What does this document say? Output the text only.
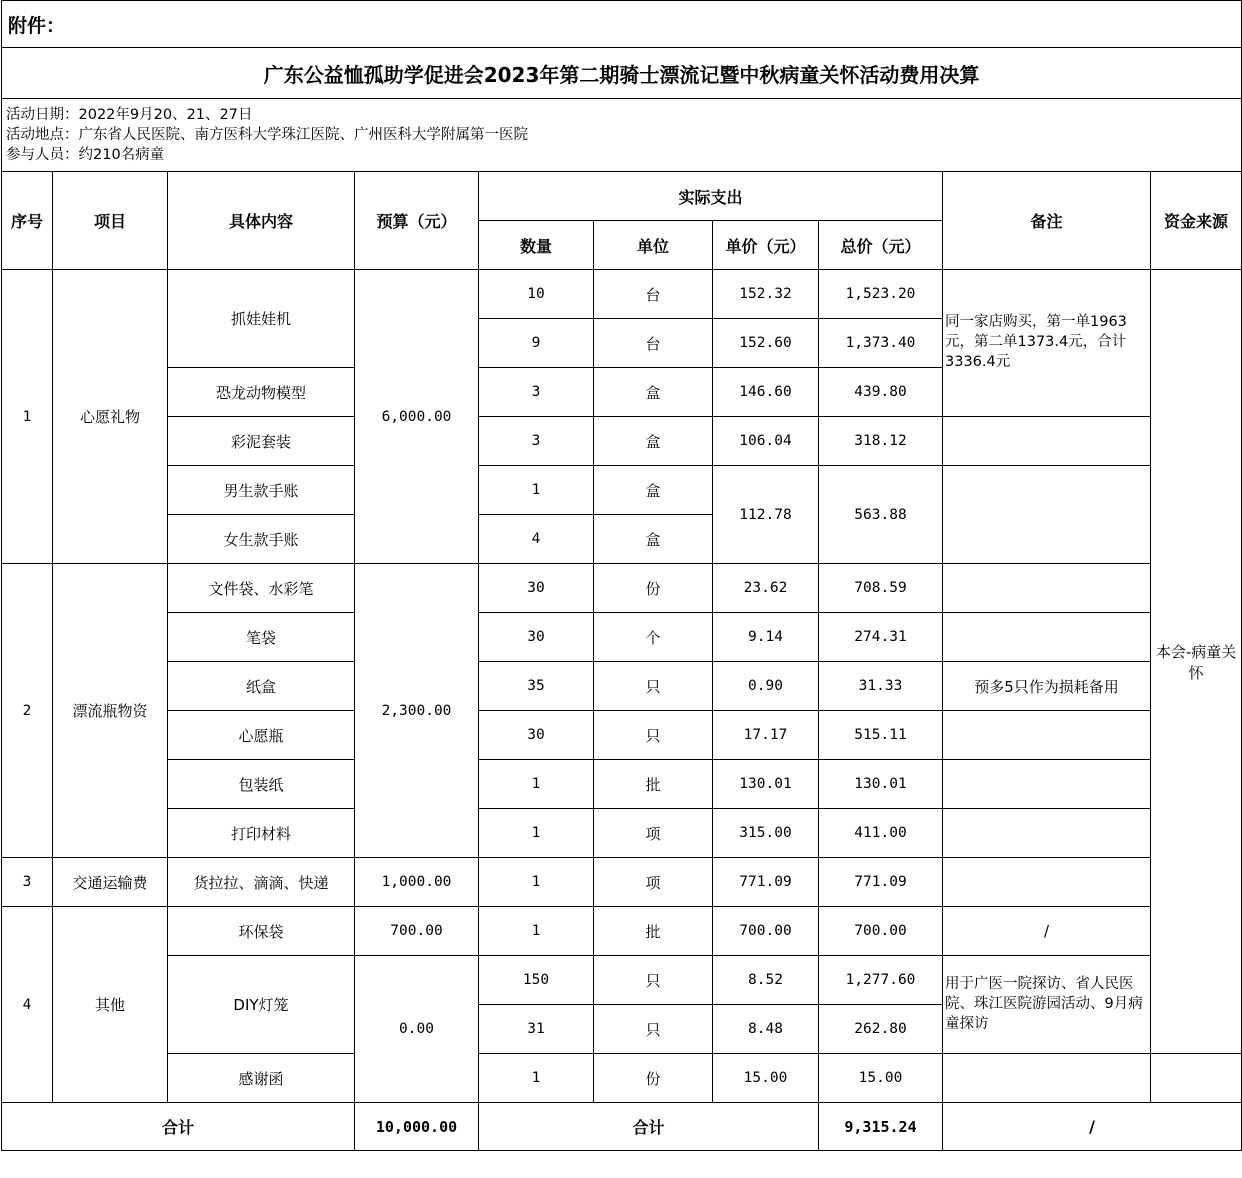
附件：									
广东公益恤孤助学促进会2023年第二期骑士漂流记暨中秋病童关怀活动费用决算									

活动日期：2022年9月20、21、27日
活动地点：广东省人民医院、南方医科大学珠江医院、广州医科大学附属第一医院
参与人员：约210名病童									

序号	项目	具体内容	预算（元）	实际支出				备注	资金来源
				数量	单位	单价（元）	总价（元）		
1	心愿礼物	抓娃娃机	6,000.00	10	台	152.32	1,523.20	同一家店购买，第一单1963元，第二单1373.4元，合计3336.4元	本会-病童关怀
				9	台	152.60	1,373.40		
		恐龙动物模型		3	盒	146.60	439.80		
		彩泥套装		3	盒	106.04	318.12		
		男生款手账		1	盒	112.78	563.88		
		女生款手账		4	盒				
2	漂流瓶物资	文件袋、水彩笔	2,300.00	30	份	23.62	708.59		
		笔袋		30	个	9.14	274.31		
		纸盒		35	只	0.90	31.33	预多5只作为损耗备用	
		心愿瓶		30	只	17.17	515.11		
		包装纸		1	批	130.01	130.01		
		打印材料		1	项	315.00	411.00		
3	交通运输费	货拉拉、滴滴、快递	1,000.00	1	项	771.09	771.09		
4	其他	环保袋	700.00	1	批	700.00	700.00	/	
		DIY灯笼	0.00	150	只	8.52	1,277.60	用于广医一院探访、省人民医院、珠江医院游园活动、9月病童探访	
				31	只	8.48	262.80		
		感谢函		1	份	15.00	15.00		
合计			10,000.00	合计			9,315.24	/	
